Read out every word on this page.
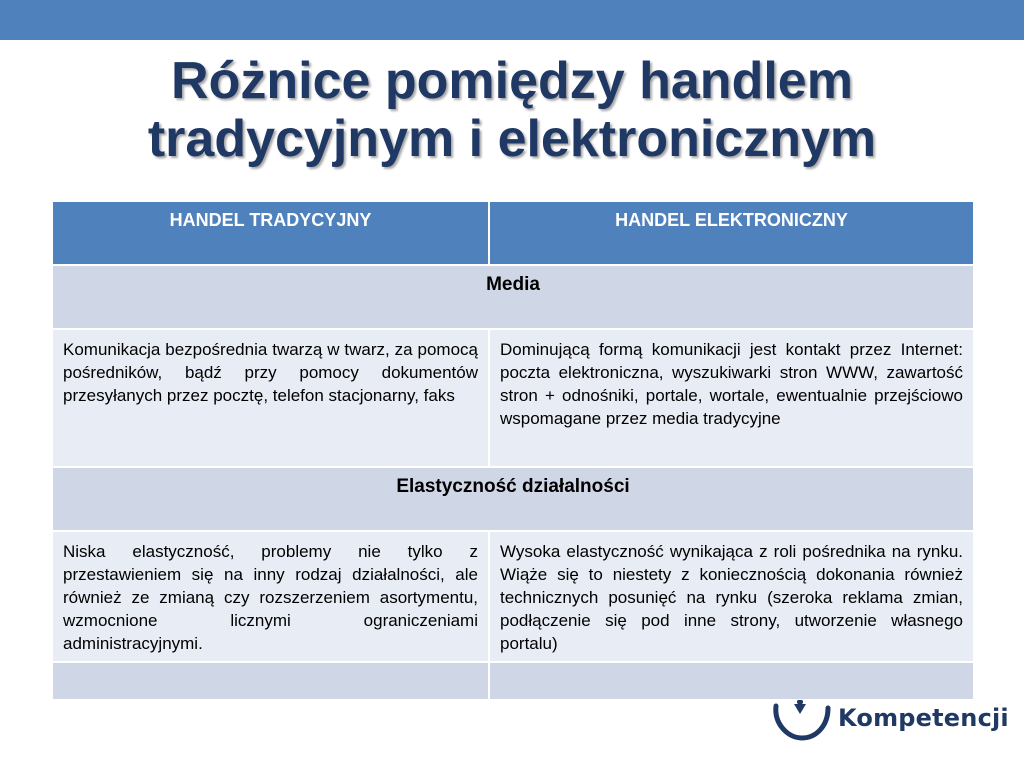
Różnice pomiędzy handlem
tradycyjnym i elektronicznym
HANDEL TRADYCYJNY	HANDEL ELEKTRONICZNY

Media	

Komunikacja bezpośrednia twarzą w twarz, za pomocą pośredników, bądź przy pomocy dokumentów przesyłanych przez pocztę, telefon stacjonarny, faks	Dominującą formą komunikacji jest kontakt przez Internet: poczta elektroniczna, wyszukiwarki stron WWW, zawartość stron + odnośniki, portale, wortale, ewentualnie przejściowo wspomagane przez media tradycyjne

Elastyczność działalności	

Niska elastyczność, problemy nie tylko z przestawieniem się na inny rodzaj działalności, ale również ze zmianą czy rozszerzeniem asortymentu, wzmocnione licznymi ograniczeniami administracyjnymi.	Wysoka elastyczność wynikająca z roli pośrednika na rynku. Wiąże się to niestety z koniecznością dokonania również technicznych posunięć na rynku (szeroka reklama zmian, podłączenie się pod inne strony, utworzenie własnego portalu)

Kompetencji
